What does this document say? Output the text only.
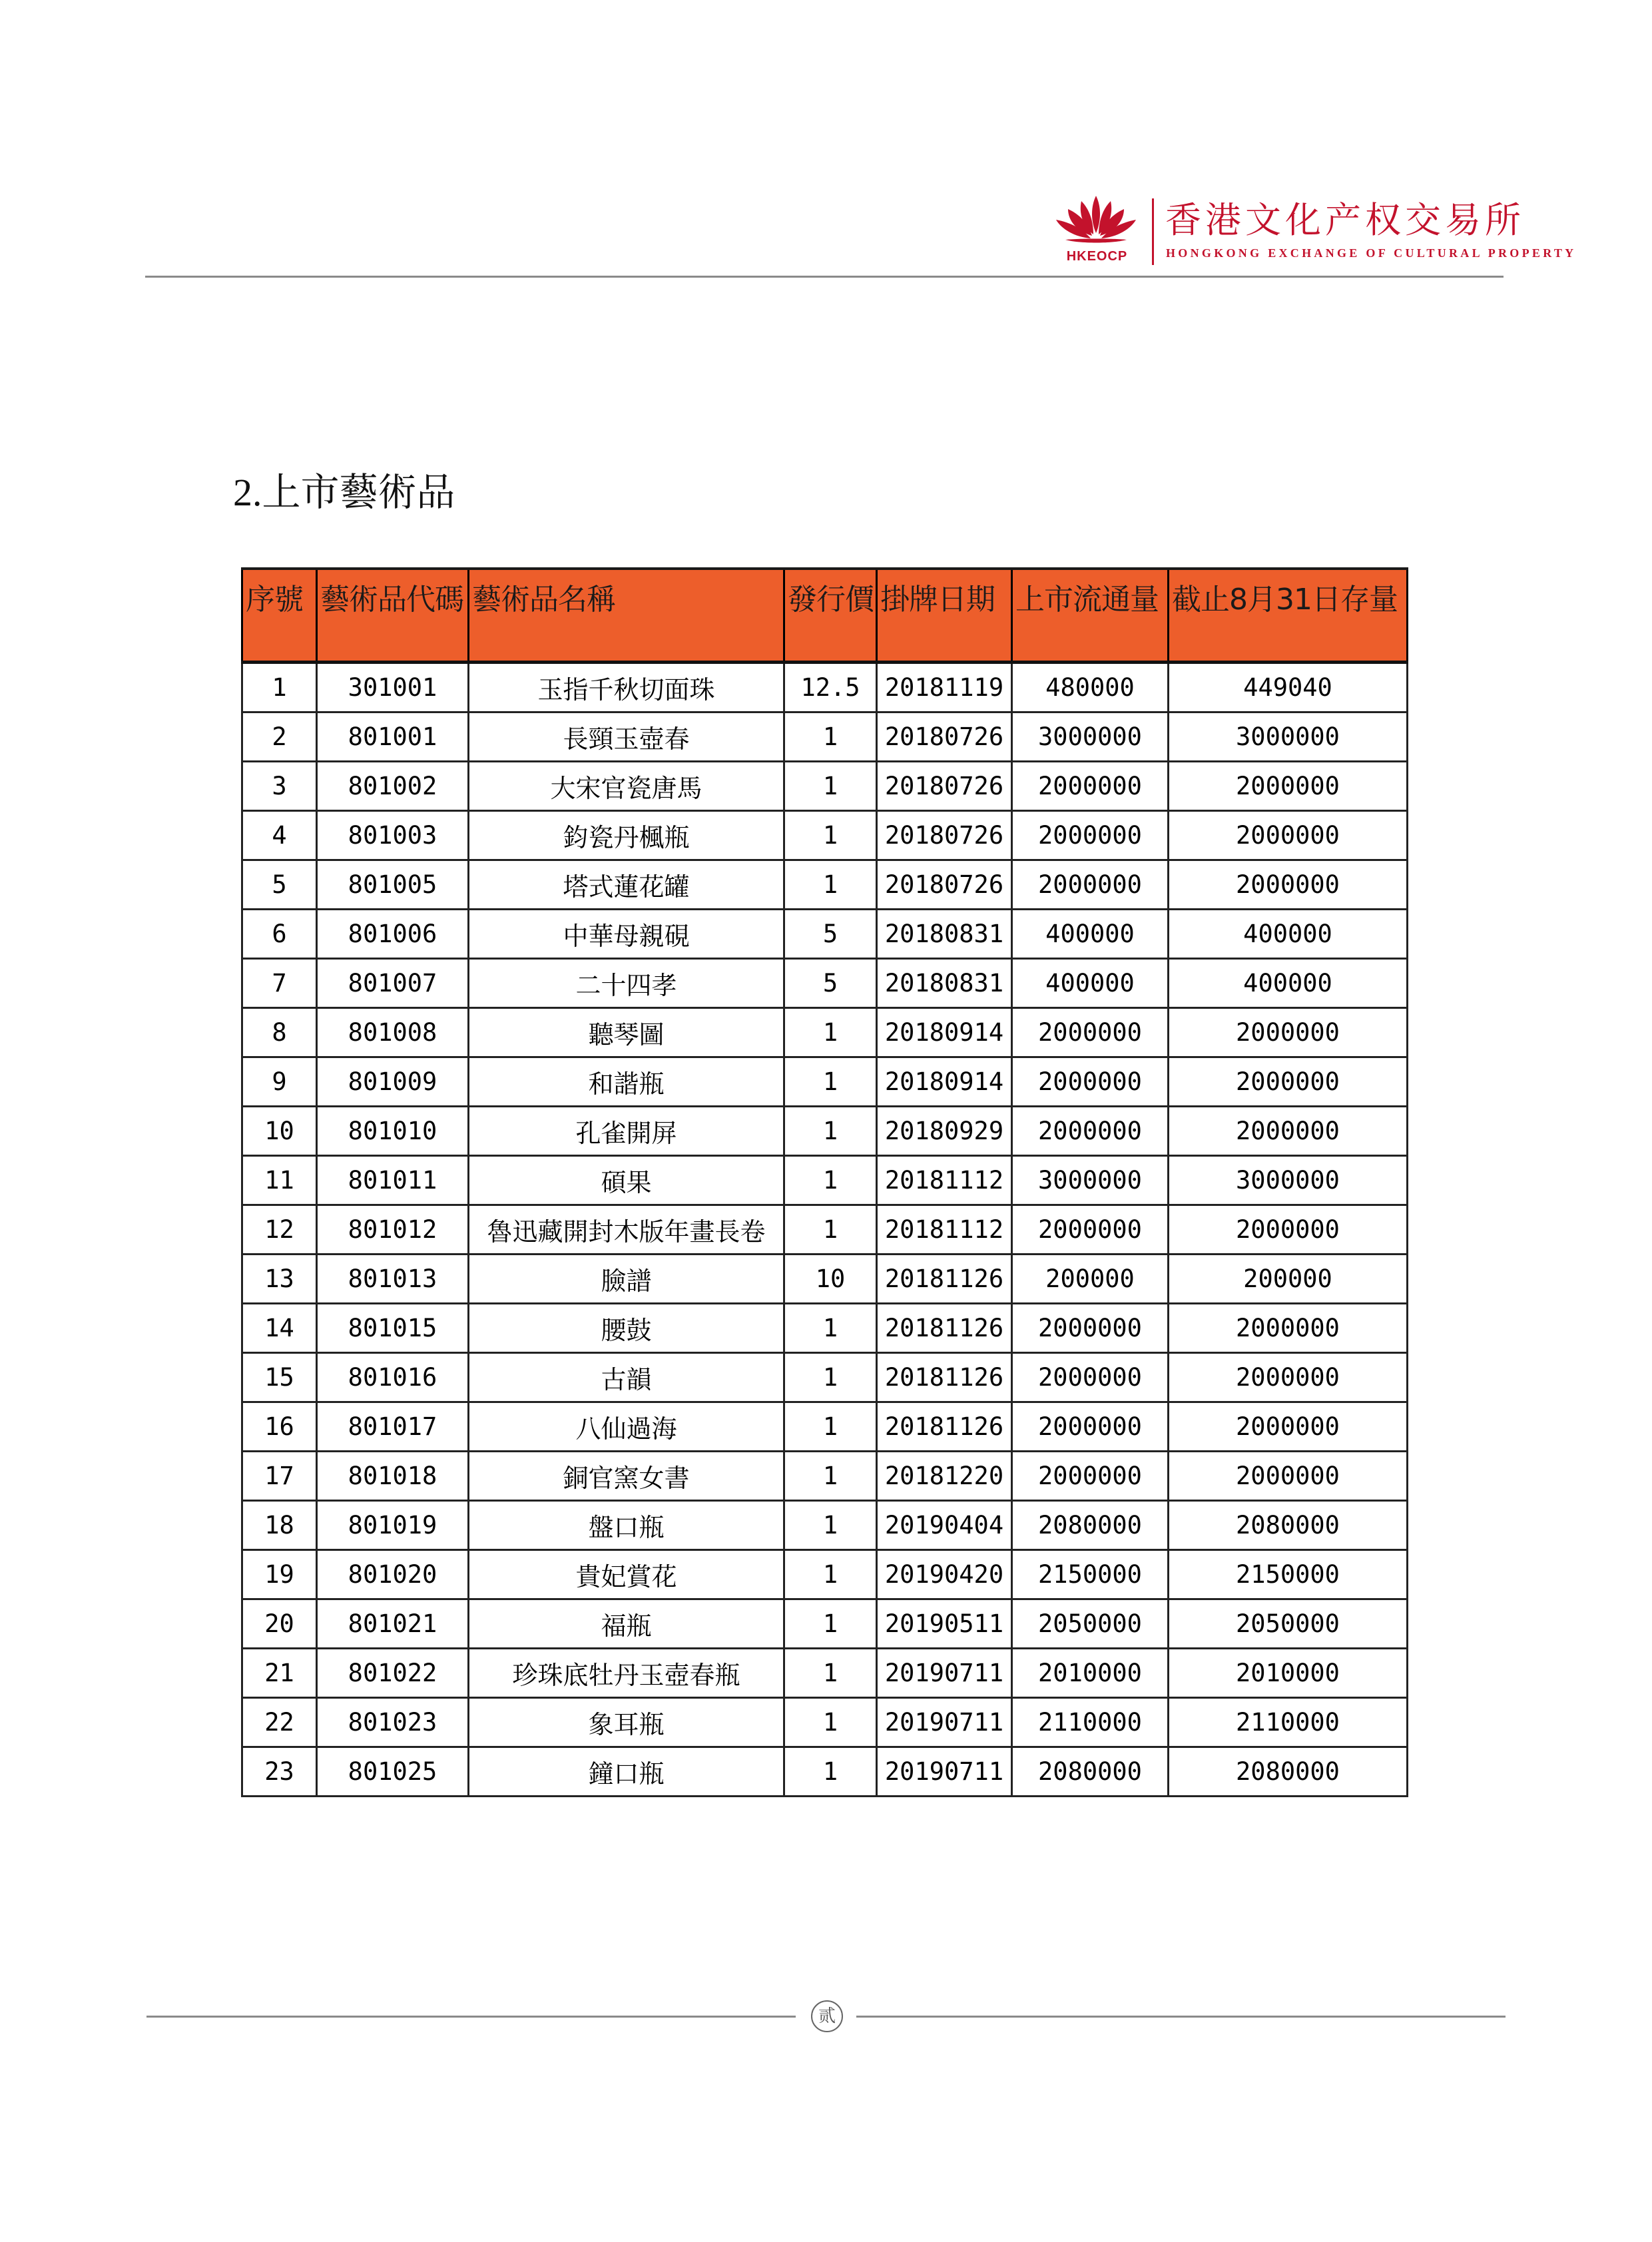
HKEOCP
香港文化产权交易所
HONGKONG EXCHANGE OF CULTURAL PROPERTY
2.上市藝術品
序號	藝術品代碼	藝術品名稱	發行價	掛牌日期	上市流通量	截止8月31日存量
1	301001	玉指千秋切面珠	12.5	20181119	480000	449040
2	801001	長頸玉壺春	1	20180726	3000000	3000000
3	801002	大宋官瓷唐馬	1	20180726	2000000	2000000
4	801003	鈞瓷丹楓瓶	1	20180726	2000000	2000000
5	801005	塔式蓮花罐	1	20180726	2000000	2000000
6	801006	中華母親硯	5	20180831	400000	400000
7	801007	二十四孝	5	20180831	400000	400000
8	801008	聽琴圖	1	20180914	2000000	2000000
9	801009	和諧瓶	1	20180914	2000000	2000000
10	801010	孔雀開屏	1	20180929	2000000	2000000
11	801011	碩果	1	20181112	3000000	3000000
12	801012	魯迅藏開封木版年畫長卷	1	20181112	2000000	2000000
13	801013	臉譜	10	20181126	200000	200000
14	801015	腰鼓	1	20181126	2000000	2000000
15	801016	古韻	1	20181126	2000000	2000000
16	801017	八仙過海	1	20181126	2000000	2000000
17	801018	銅官窯女書	1	20181220	2000000	2000000
18	801019	盤口瓶	1	20190404	2080000	2080000
19	801020	貴妃賞花	1	20190420	2150000	2150000
20	801021	福瓶	1	20190511	2050000	2050000
21	801022	珍珠底牡丹玉壺春瓶	1	20190711	2010000	2010000
22	801023	象耳瓶	1	20190711	2110000	2110000
23	801025	鐘口瓶	1	20190711	2080000	2080000
贰
